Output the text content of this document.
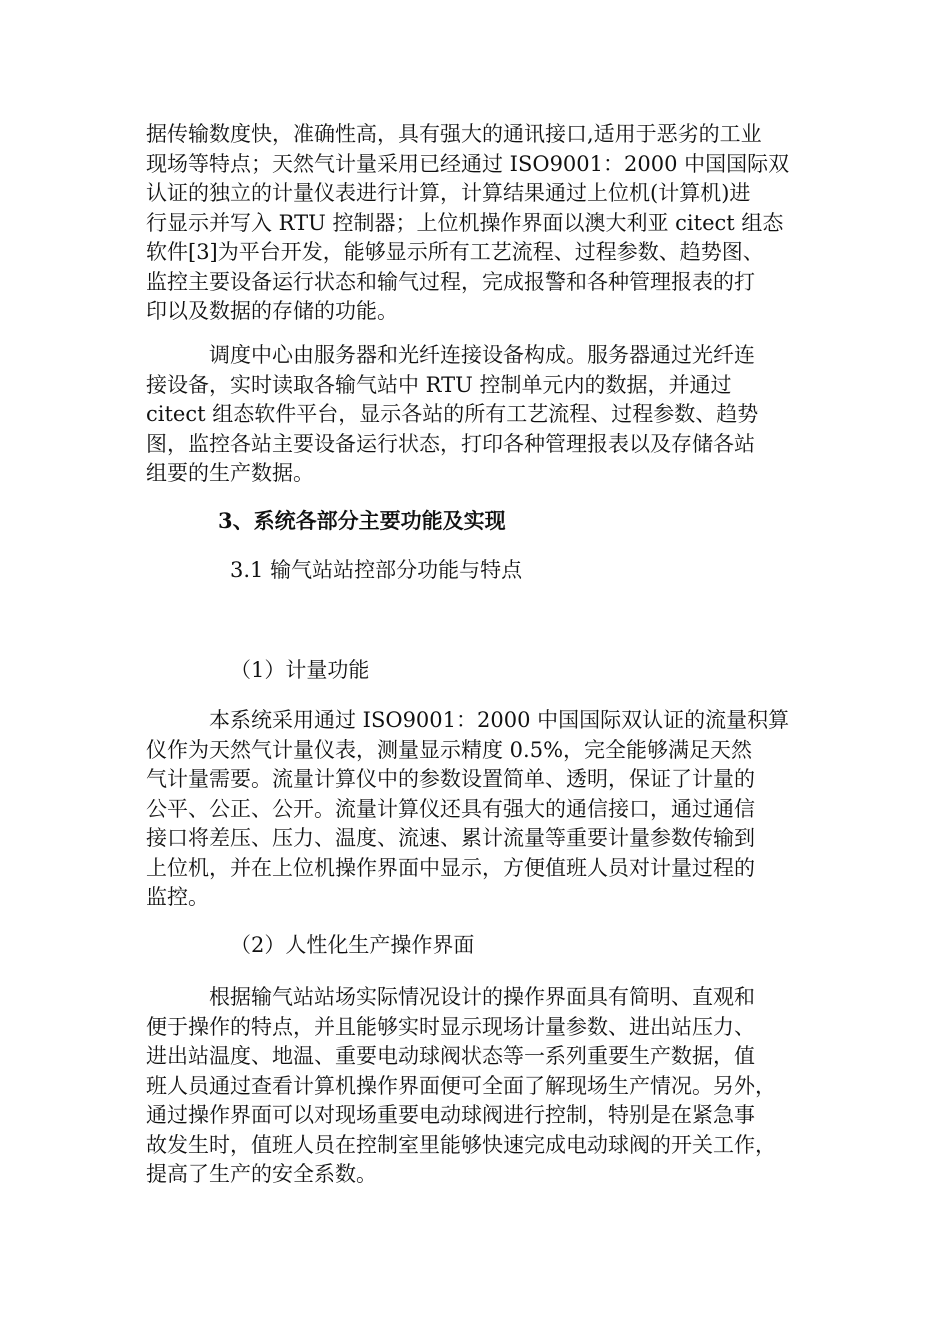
据传输数度快，准确性高，具有强大的通讯接口,适用于恶劣的工业
现场等特点；天然气计量采用已经通过 ISO9001：2000 中国国际双
认证的独立的计量仪表进行计算，计算结果通过上位机(计算机)进
行显示并写入 RTU 控制器；上位机操作界面以澳大利亚 citect 组态
软件[3]为平台开发，能够显示所有工艺流程、过程参数、趋势图、
监控主要设备运行状态和输气过程，完成报警和各种管理报表的打
印以及数据的存储的功能。
　　　调度中心由服务器和光纤连接设备构成。服务器通过光纤连
接设备，实时读取各输气站中 RTU 控制单元内的数据，并通过
citect 组态软件平台，显示各站的所有工艺流程、过程参数、趋势
图，监控各站主要设备运行状态，打印各种管理报表以及存储各站
组要的生产数据。
3、系统各部分主要功能及实现
3.1 输气站站控部分功能与特点
（1）计量功能
　　　本系统采用通过 ISO9001：2000 中国国际双认证的流量积算
仪作为天然气计量仪表，测量显示精度 0.5%，完全能够满足天然
气计量需要。流量计算仪中的参数设置简单、透明，保证了计量的
公平、公正、公开。流量计算仪还具有强大的通信接口，通过通信
接口将差压、压力、温度、流速、累计流量等重要计量参数传输到
上位机，并在上位机操作界面中显示，方便值班人员对计量过程的
监控。
（2）人性化生产操作界面
　　　根据输气站站场实际情况设计的操作界面具有简明、直观和
便于操作的特点，并且能够实时显示现场计量参数、进出站压力、
进出站温度、地温、重要电动球阀状态等一系列重要生产数据，值
班人员通过查看计算机操作界面便可全面了解现场生产情况。另外，
通过操作界面可以对现场重要电动球阀进行控制，特别是在紧急事
故发生时，值班人员在控制室里能够快速完成电动球阀的开关工作，
提高了生产的安全系数。
